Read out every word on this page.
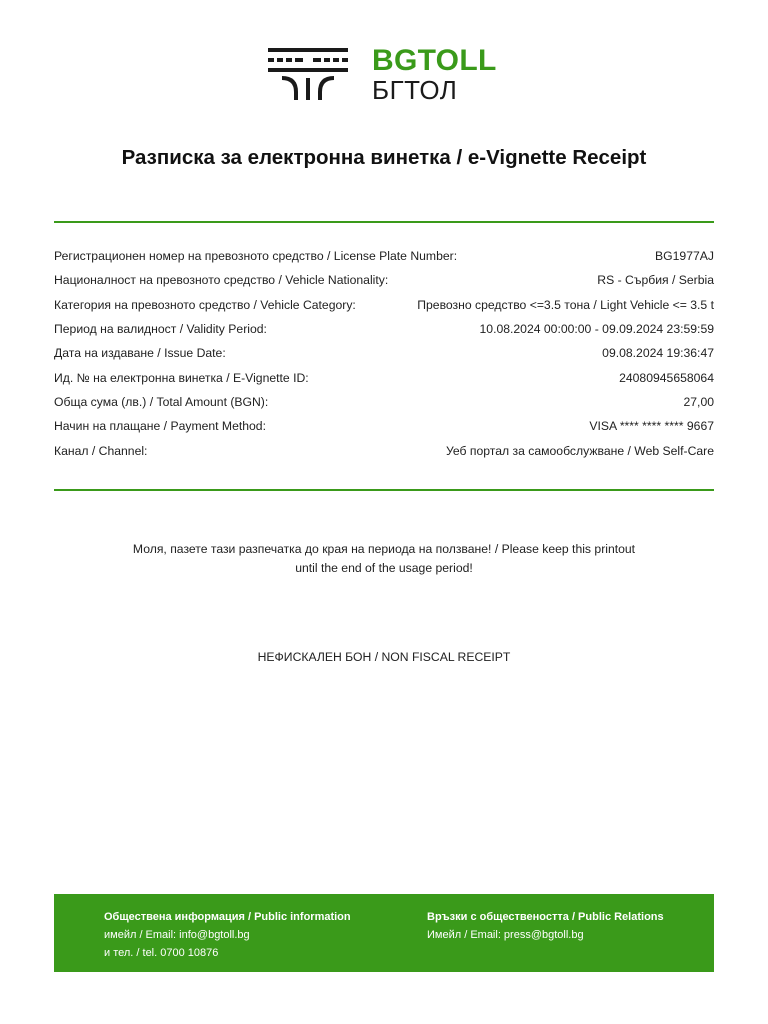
BGTOLL
БГТОЛ
Разписка за електронна винетка / e-Vignette Receipt
Регистрационен номер на превозното средство / License Plate Number:	BG1977AJ
Националност на превозното средство / Vehicle Nationality:	RS - Сърбия / Serbia
Категория на превозното средство / Vehicle Category:	Превозно средство <=3.5 тона / Light Vehicle <= 3.5 t
Период на валидност / Validity Period:	10.08.2024 00:00:00 - 09.09.2024 23:59:59
Дата на издаване / Issue Date:	09.08.2024 19:36:47
Ид. № на електронна винетка / E-Vignette ID:	24080945658064
Обща сума (лв.) / Total Amount (BGN):	27,00
Начин на плащане / Payment Method:	VISA **** **** **** 9667
Канал / Channel:	Уеб портал за самообслужване / Web Self-Care
Моля, пазете тази разпечатка до края на периода на ползване! / Please keep this printout until the end of the usage period!
НЕФИСКАЛЕН БОН / NON FISCAL RECEIPT
Обществена информация / Public information
имейл / Email: info@bgtoll.bg
и тел. / tel. 0700 10876
Връзки с обществеността / Public Relations
Имейл / Email: press@bgtoll.bg
